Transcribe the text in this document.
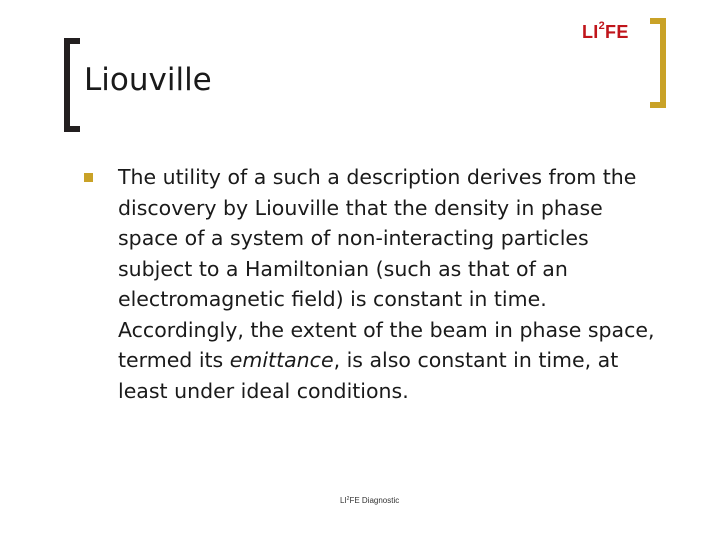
$LI^2FE$
Liouville
The utility of a such a description derives from the discovery by Liouville that the density in phase space of a system of non-interacting particles subject to a Hamiltonian (such as that of an electromagnetic field) is constant in time. Accordingly, the extent of the beam in phase space, termed its emittance, is also constant in time, at least under ideal conditions.
$LI^2FE$ Diagnostic
